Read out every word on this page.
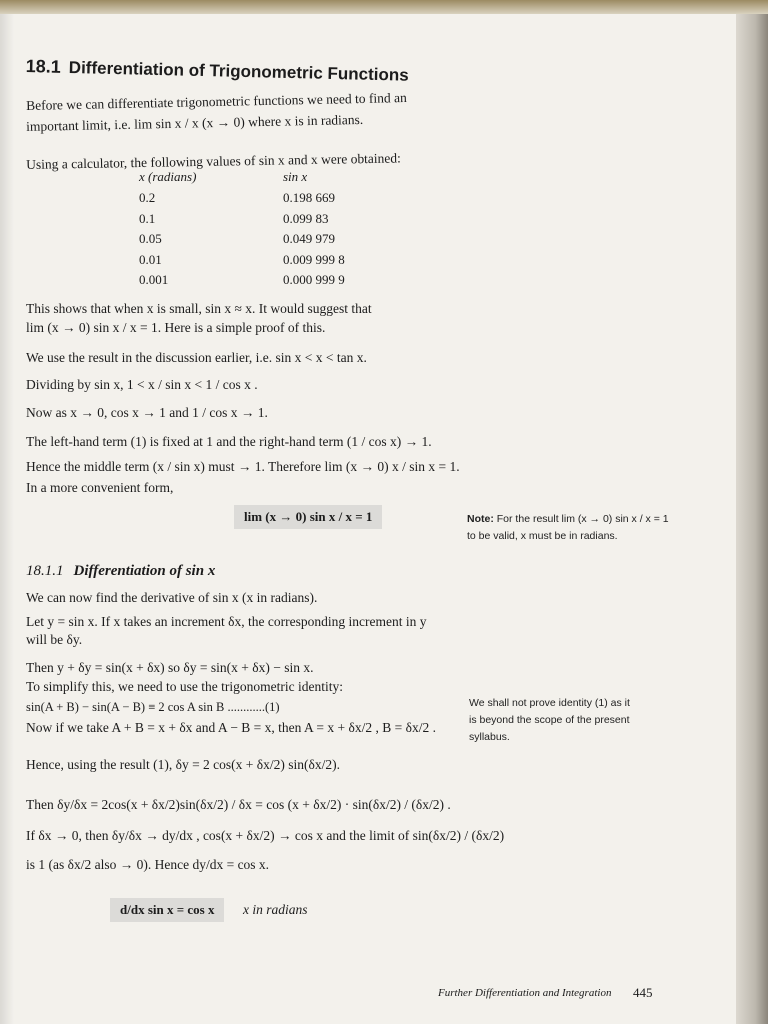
18.1 Differentiation of Trigonometric Functions
Before we can differentiate trigonometric functions we need to find an
important limit, i.e. lim sin x / x (x → 0) where x is in radians.
Using a calculator, the following values of sin x and x were obtained:
x (radians)	sin x
0.2	0.198 669
0.1	0.099 83
0.05	0.049 979
0.01	0.009 999 8
0.001	0.000 999 9
This shows that when x is small, sin x ≈ x. It would suggest that
lim (x → 0) sin x / x = 1. Here is a simple proof of this.
We use the result in the discussion earlier, i.e. sin x < x < tan x.
Dividing by sin x, 1 < x / sin x < 1 / cos x .
Now as x → 0, cos x → 1 and 1 / cos x → 1.
The left-hand term (1) is fixed at 1 and the right-hand term (1 / cos x) → 1.
Hence the middle term (x / sin x) must → 1. Therefore lim (x → 0) x / sin x = 1.
In a more convenient form,
lim (x → 0) sin x / x = 1	Note: For the result lim (x → 0) sin x / x = 1
to be valid, x must be in radians.
18.1.1 Differentiation of sin x
We can now find the derivative of sin x (x in radians).
Let y = sin x. If x takes an increment δx, the corresponding increment in y
will be δy.
Then y + δy = sin(x + δx) so δy = sin(x + δx) − sin x.
To simplify this, we need to use the trigonometric identity:
sin(A + B) − sin(A − B) ≡ 2 cos A sin B ............(1)
Now if we take A + B = x + δx and A − B = x, then A = x + δx/2 , B = δx/2 .
Hence, using the result (1), δy = 2 cos(x + δx/2) sin(δx/2).
Then δy/δx = 2cos(x + δx/2)sin(δx/2) / δx = cos (x + δx/2) · sin(δx/2) / (δx/2) .
If δx → 0, then δy/δx → dy/dx , cos(x + δx/2) → cos x and the limit of sin(δx/2) / (δx/2)
is 1 (as δx/2 also → 0). Hence dy/dx = cos x.
We shall not prove identity (1) as it
is beyond the scope of the present
syllabus.
d/dx sin x = cos x	x in radians
Further Differentiation and Integration 445
